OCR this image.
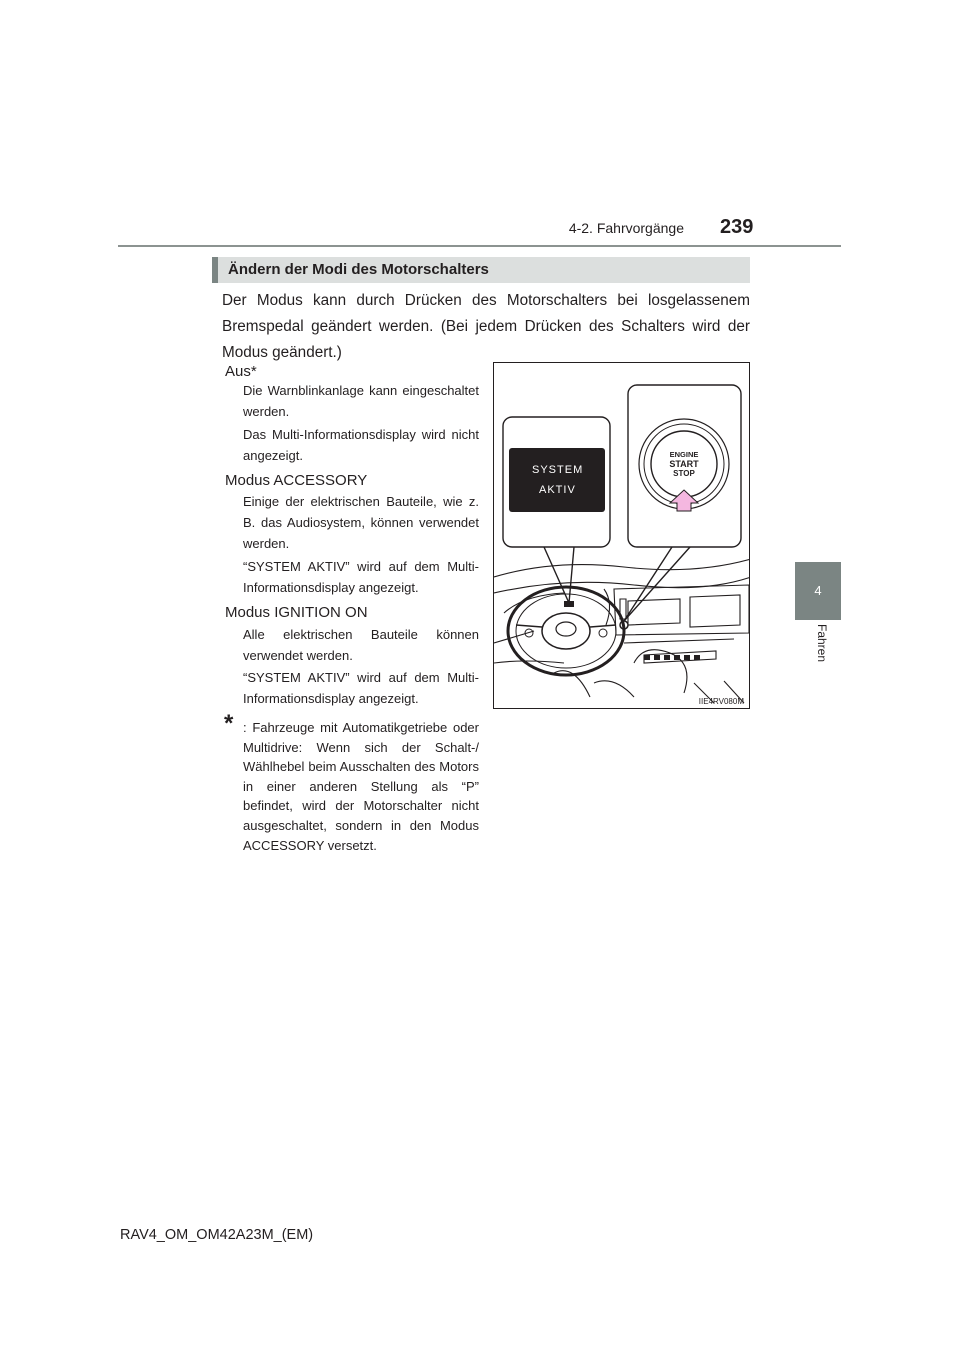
4-2. Fahrvorgänge 239
4
Fahren
Ändern der Modi des Motorschalters
Der Modus kann durch Drücken des Motorschalters bei losgelassenem Bremspedal geändert werden. (Bei jedem Drücken des Schalters wird der Modus geändert.)
Aus*
Die Warnblinkanlage kann eingeschaltet werden.
Das Multi-Informationsdisplay wird nicht angezeigt.
Modus ACCESSORY
Einige der elektrischen Bauteile, wie z. B. das Audiosystem, können verwendet werden.
“SYSTEM AKTIV” wird auf dem Multi-Informationsdisplay angezeigt.
Modus IGNITION ON
Alle elektrischen Bauteile können verwendet werden.
“SYSTEM AKTIV” wird auf dem Multi-Informationsdisplay angezeigt.
* : Fahrzeuge mit Automatikgetriebe oder Multidrive: Wenn sich der Schalt-/ Wählhebel beim Ausschalten des Motors in einer anderen Stellung als “P” befindet, wird der Motorschalter nicht ausgeschaltet, sondern in den Modus ACCESSORY versetzt.
SYSTEM
AKTIV
ENGINE
START
STOP
IIE4RV080M
RAV4_OM_OM42A23M_(EM)
